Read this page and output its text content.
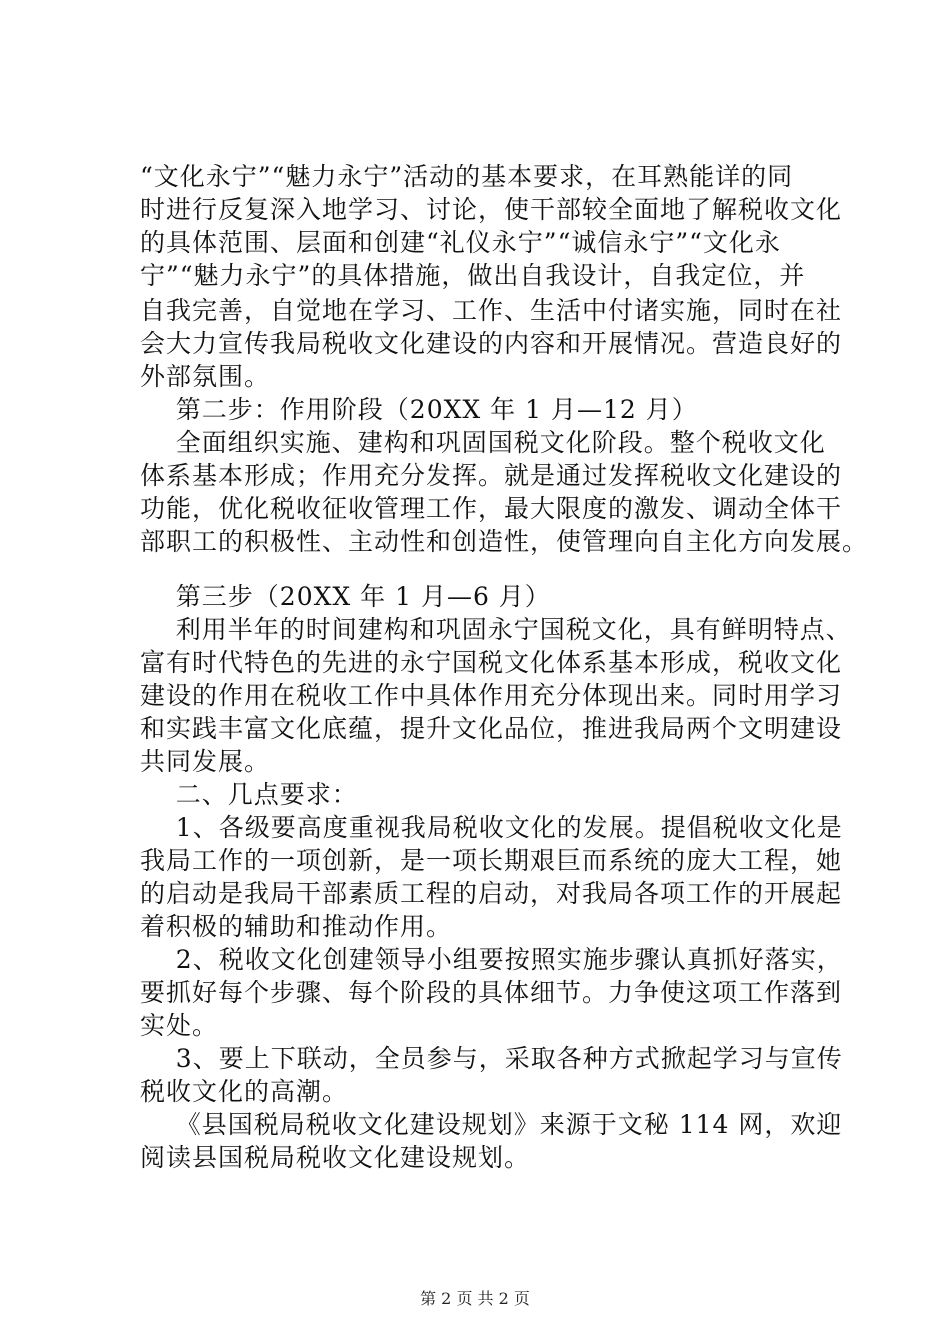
“文化永宁”“魅力永宁”活动的基本要求，在耳熟能详的同
时进行反复深入地学习、讨论，使干部较全面地了解税收文化
的具体范围、层面和创建“礼仪永宁”“诚信永宁”“文化永
宁”“魅力永宁”的具体措施，做出自我设计，自我定位，并
自我完善，自觉地在学习、工作、生活中付诸实施，同时在社
会大力宣传我局税收文化建设的内容和开展情况。营造良好的
外部氛围。
第二步：作用阶段（20XX 年 1 月—12 月）
全面组织实施、建构和巩固国税文化阶段。整个税收文化
体系基本形成；作用充分发挥。就是通过发挥税收文化建设的
功能，优化税收征收管理工作，最大限度的激发、调动全体干
部职工的积极性、主动性和创造性，使管理向自主化方向发展。
第三步（20XX 年 1 月—6 月）
利用半年的时间建构和巩固永宁国税文化，具有鲜明特点、
富有时代特色的先进的永宁国税文化体系基本形成，税收文化
建设的作用在税收工作中具体作用充分体现出来。同时用学习
和实践丰富文化底蕴，提升文化品位，推进我局两个文明建设
共同发展。
二、几点要求：
1、各级要高度重视我局税收文化的发展。提倡税收文化是
我局工作的一项创新，是一项长期艰巨而系统的庞大工程，她
的启动是我局干部素质工程的启动，对我局各项工作的开展起
着积极的辅助和推动作用。
2、税收文化创建领导小组要按照实施步骤认真抓好落实，
要抓好每个步骤、每个阶段的具体细节。力争使这项工作落到
实处。
3、要上下联动，全员参与，采取各种方式掀起学习与宣传
税收文化的高潮。
《县国税局税收文化建设规划》来源于文秘 114 网，欢迎
阅读县国税局税收文化建设规划。
第 2 页 共 2 页
